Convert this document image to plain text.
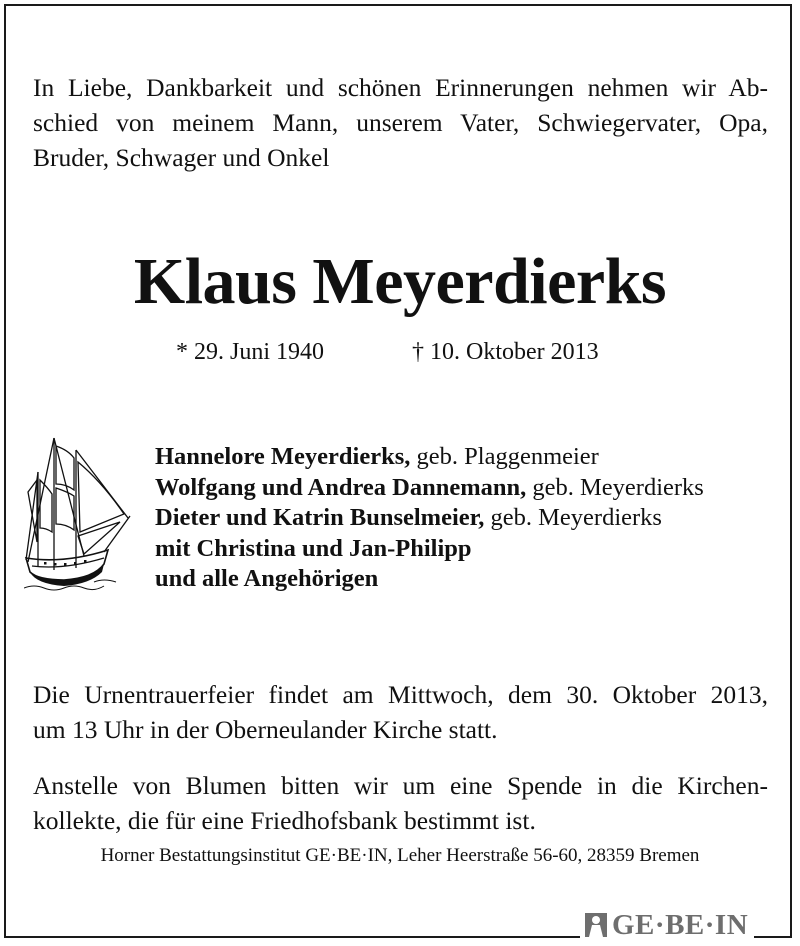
In Liebe, Dankbarkeit und schönen Erinnerungen nehmen wir Ab-
schied von meinem Mann, unserem Vater, Schwiegervater, Opa,
Bruder, Schwager und Onkel
Klaus Meyerdierks
* 29. Juni 1940	† 10. Oktober 2013
Hannelore Meyerdierks, geb. Plaggenmeier
Wolfgang und Andrea Dannemann, geb. Meyerdierks
Dieter und Katrin Bunselmeier, geb. Meyerdierks
mit Christina und Jan-Philipp
und alle Angehörigen
Die Urnentrauerfeier findet am Mittwoch, dem 30. Oktober 2013,
um 13 Uhr in der Oberneulander Kirche statt.
Anstelle von Blumen bitten wir um eine Spende in die Kirchen-
kollekte, die für eine Friedhofsbank bestimmt ist.
Horner Bestattungsinstitut GE·BE·IN, Leher Heerstraße 56-60, 28359 Bremen
GE·BE·IN
